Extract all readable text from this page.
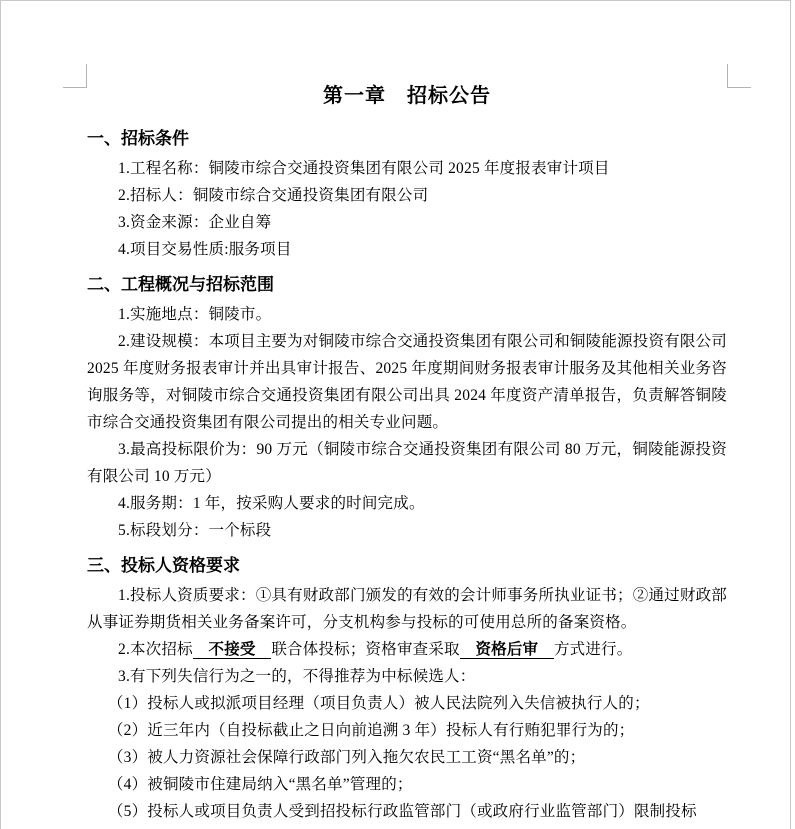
第一章　招标公告
一、招标条件

1.工程名称：铜陵市综合交通投资集团有限公司 2025 年度报表审计项目

2.招标人：铜陵市综合交通投资集团有限公司

3.资金来源：企业自筹

4.项目交易性质:服务项目

二、工程概况与招标范围

1.实施地点：铜陵市。

2.建设规模：本项目主要为对铜陵市综合交通投资集团有限公司和铜陵能源投资有限公司 2025 年度财务报表审计并出具审计报告、2025 年度期间财务报表审计服务及其他相关业务咨询服务等，对铜陵市综合交通投资集团有限公司出具 2024 年度资产清单报告，负责解答铜陵市综合交通投资集团有限公司提出的相关专业问题。

3.最高投标限价为：90 万元（铜陵市综合交通投资集团有限公司 80 万元，铜陵能源投资有限公司 10 万元）

4.服务期：1 年，按采购人要求的时间完成。

5.标段划分：一个标段

三、投标人资格要求

1.投标人资质要求：①具有财政部门颁发的有效的会计师事务所执业证书；②通过财政部从事证券期货相关业务备案许可，分支机构参与投标的可使用总所的备案资格。

2.本次招标　不接受　联合体投标；资格审查采取　资格后审　方式进行。

3.有下列失信行为之一的，不得推荐为中标候选人：

（1）投标人或拟派项目经理（项目负责人）被人民法院列入失信被执行人的；

（2）近三年内（自投标截止之日向前追溯 3 年）投标人有行贿犯罪行为的；

（3）被人力资源社会保障行政部门列入拖欠农民工工资“黑名单”的；

（4）被铜陵市住建局纳入“黑名单”管理的；

（5）投标人或项目负责人受到招投标行政监管部门（或政府行业监管部门）限制投标
